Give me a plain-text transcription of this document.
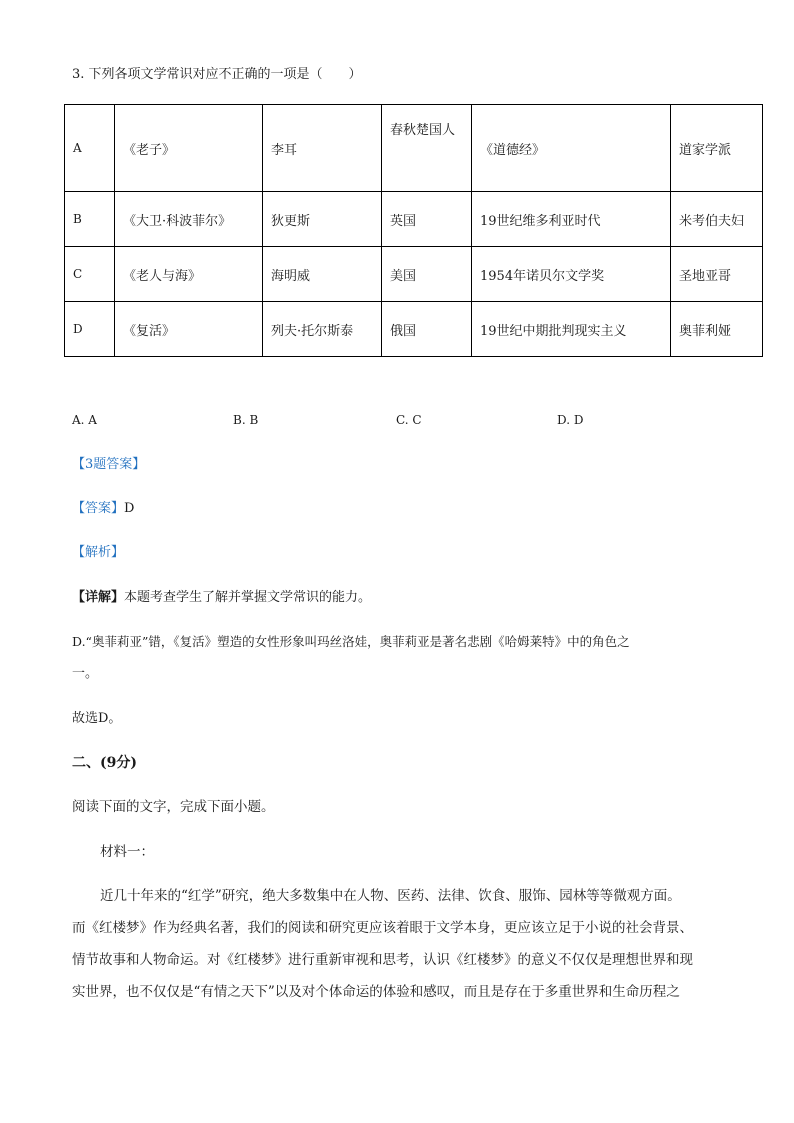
3. 下列各项文学常识对应不正确的一项是（　　）
A	《老子》	李耳	春秋楚国人	《道德经》	道家学派
B	《大卫·科波菲尔》	狄更斯	英国	19世纪维多利亚时代	米考伯夫妇
C	《老人与海》	海明威	美国	1954年诺贝尔文学奖	圣地亚哥
D	《复活》	列夫·托尔斯泰	俄国	19世纪中期批判现实主义	奥菲利娅
A. A	B. B	C. C	D. D
【3题答案】
【答案】D
【解析】
【详解】本题考查学生了解并掌握文学常识的能力。
D.“奥菲莉亚”错，《复活》塑造的女性形象叫玛丝洛娃，奥菲莉亚是著名悲剧《哈姆莱特》中的角色之
一。
故选D。
二、(9分)
阅读下面的文字，完成下面小题。
材料一：
近几十年来的“红学”研究，绝大多数集中在人物、医药、法律、饮食、服饰、园林等等微观方面。
而《红楼梦》作为经典名著，我们的阅读和研究更应该着眼于文学本身，更应该立足于小说的社会背景、
情节故事和人物命运。对《红楼梦》进行重新审视和思考，认识《红楼梦》的意义不仅仅是理想世界和现
实世界，也不仅仅是“有情之天下”以及对个体命运的体验和感叹，而且是存在于多重世界和生命历程之
